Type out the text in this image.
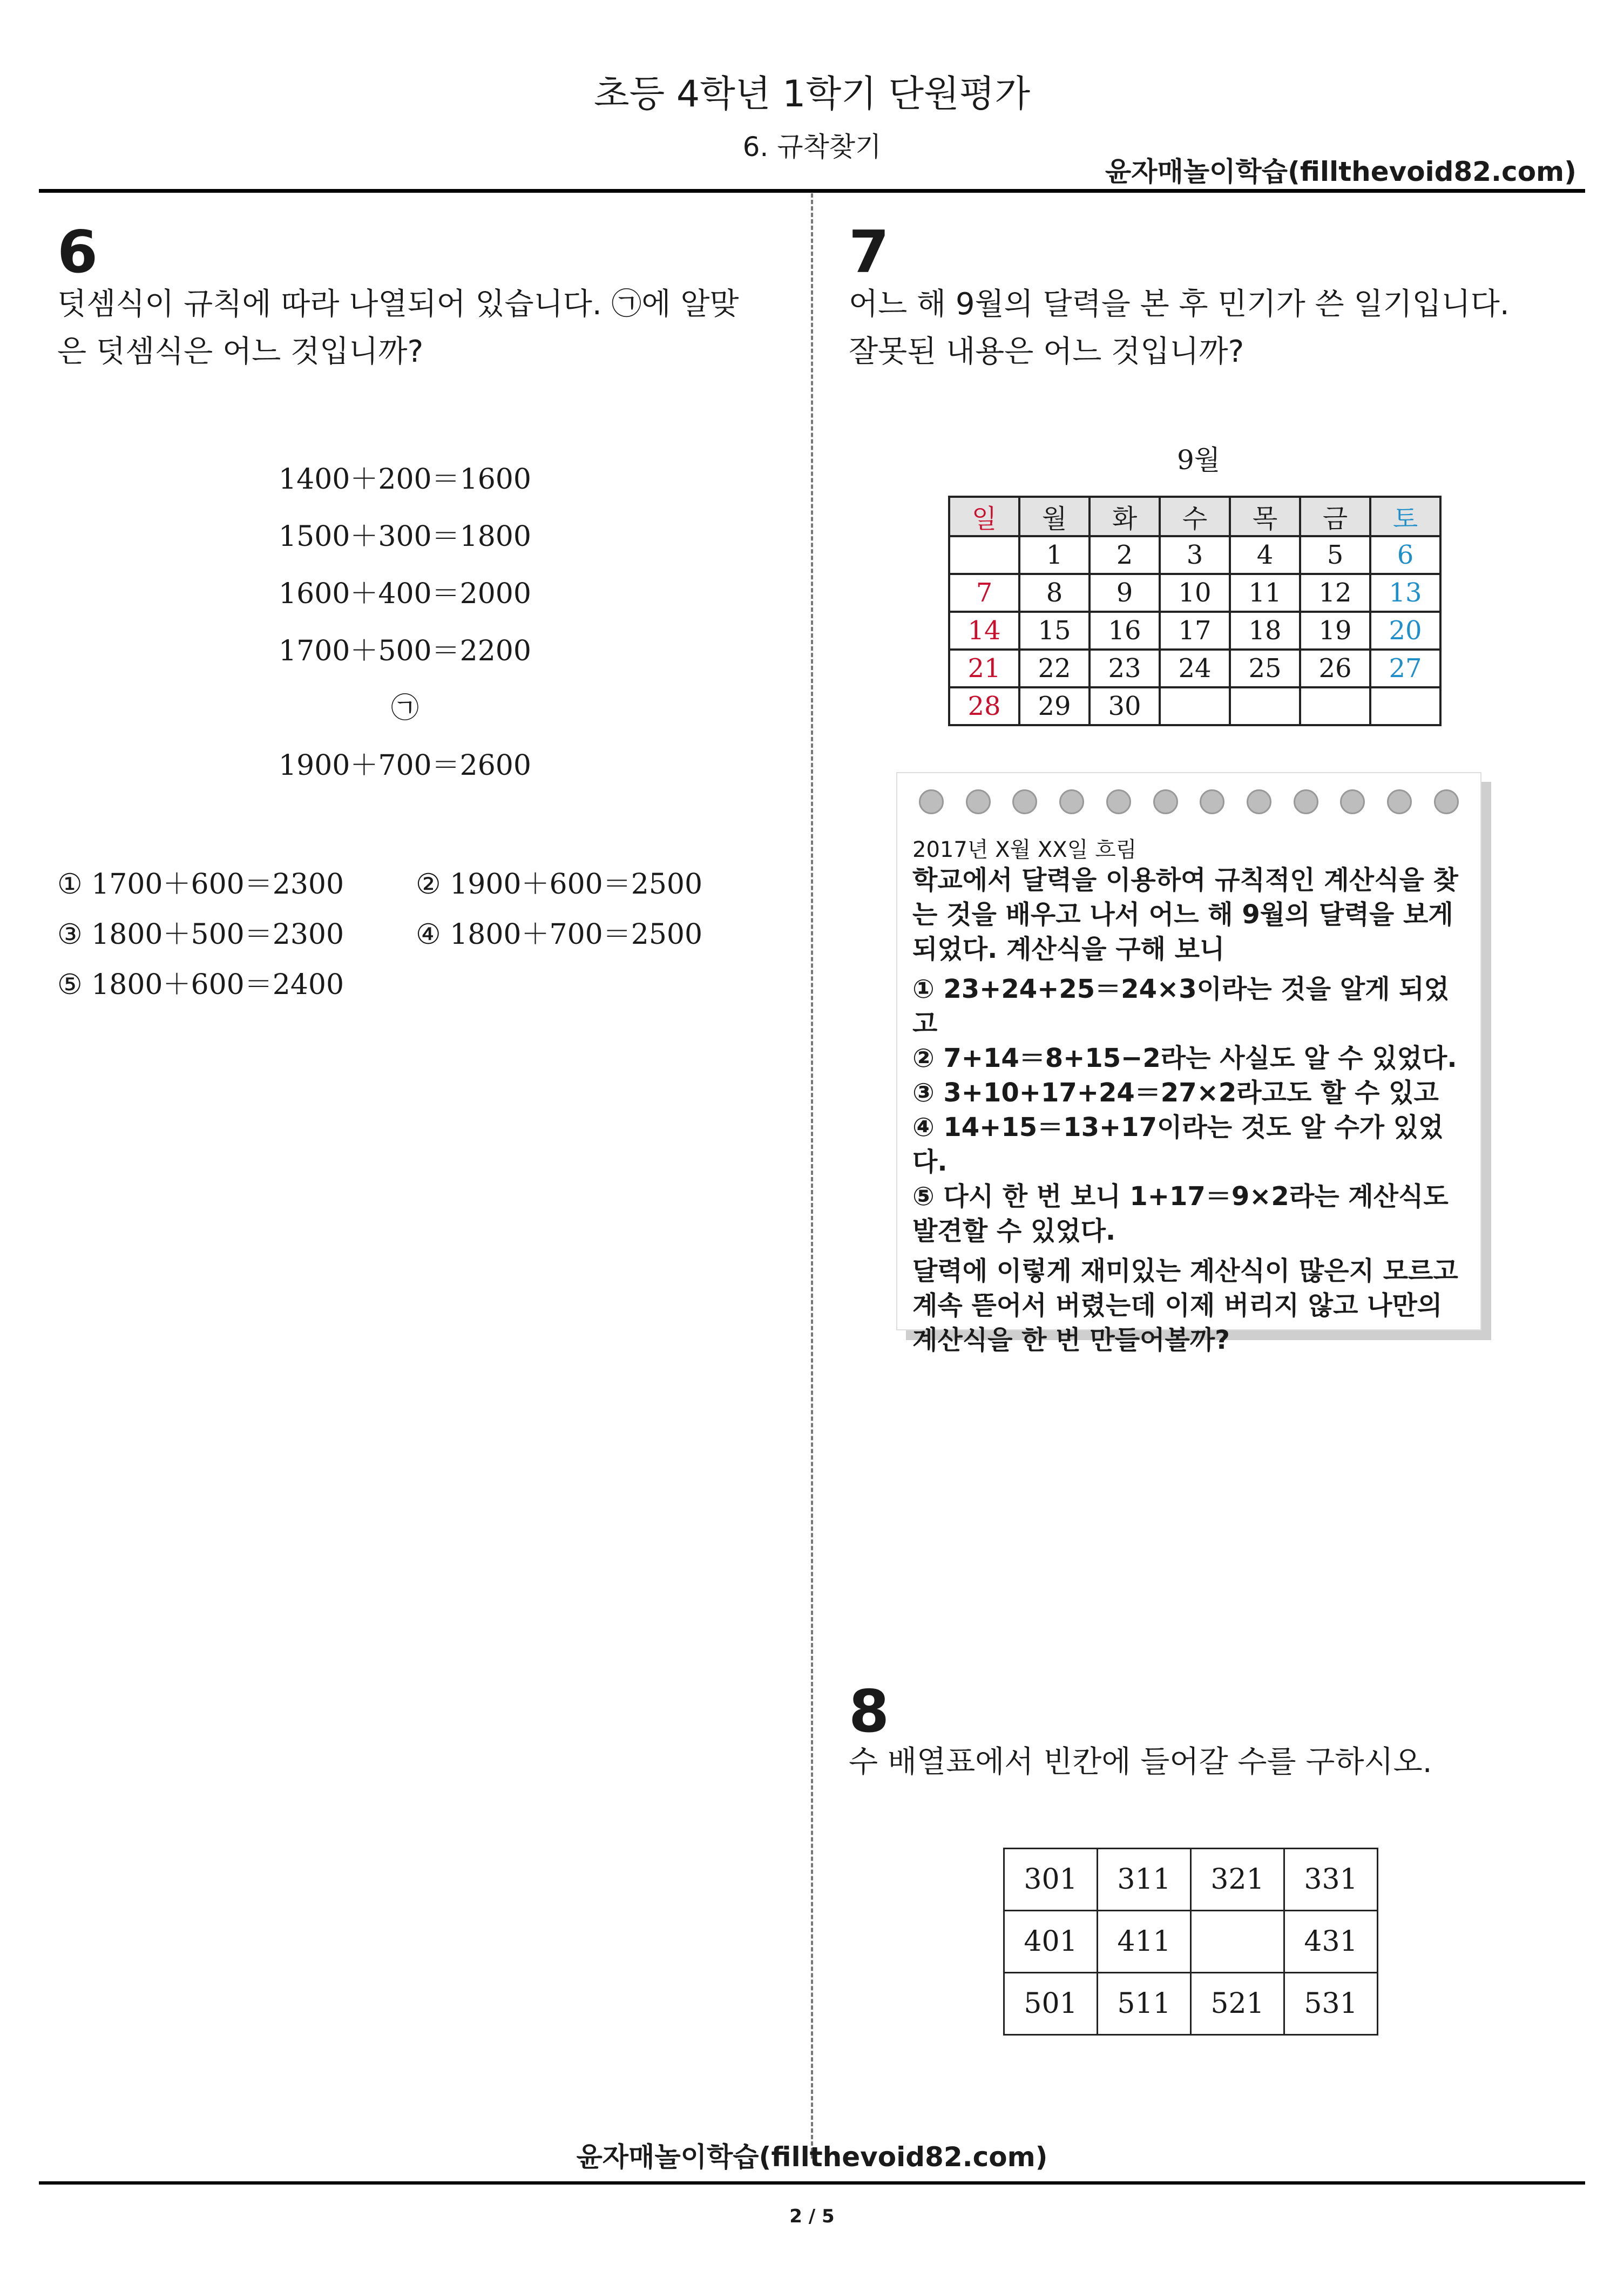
초등 4학년 1학기 단원평가
6. 규착찾기
윤자매놀이학습(fillthevoid82.com)
6
덧셈식이 규칙에 따라 나열되어 있습니다. ㉠에 알맞
은 덧셈식은 어느 것입니까?
1400＋200＝1600
1500＋300＝1800
1600＋400＝2000
1700＋500＝2200
㉠
1900＋700＝2600
① 1700＋600＝2300	② 1900＋600＝2500
③ 1800＋500＝2300	④ 1800＋700＝2500
⑤ 1800＋600＝2400
7
어느 해 9월의 달력을 본 후 민기가 쓴 일기입니다.
잘못된 내용은 어느 것입니까?
9월
일	월	화	수	목	금	토
	1	2	3	4	5	6
7	8	9	10	11	12	13
14	15	16	17	18	19	20
21	22	23	24	25	26	27
28	29	30				
2017년 X월 XX일 흐림

학교에서 달력을 이용하여 규칙적인 계산식을 찾는 것을 배우고 나서 어느 해 9월의 달력을 보게 되었다. 계산식을 구해 보니

① 23+24+25＝24×3이라는 것을 알게 되었고
② 7+14＝8+15−2라는 사실도 알 수 있었다.
③ 3+10+17+24＝27×2라고도 할 수 있고
④ 14+15＝13+17이라는 것도 알 수가 있었다.

⑤ 다시 한 번 보니 1+17＝9×2라는 계산식도 발견할 수 있었다.

달력에 이렇게 재미있는 계산식이 많은지 모르고 계속 뜯어서 버렸는데 이제 버리지 않고 나만의 계산식을 한 번 만들어볼까?

8
수 배열표에서 빈칸에 들어갈 수를 구하시오.
301	311	321	331
401	411		431
501	511	521	531
윤자매놀이학습(fillthevoid82.com)
2 / 5
